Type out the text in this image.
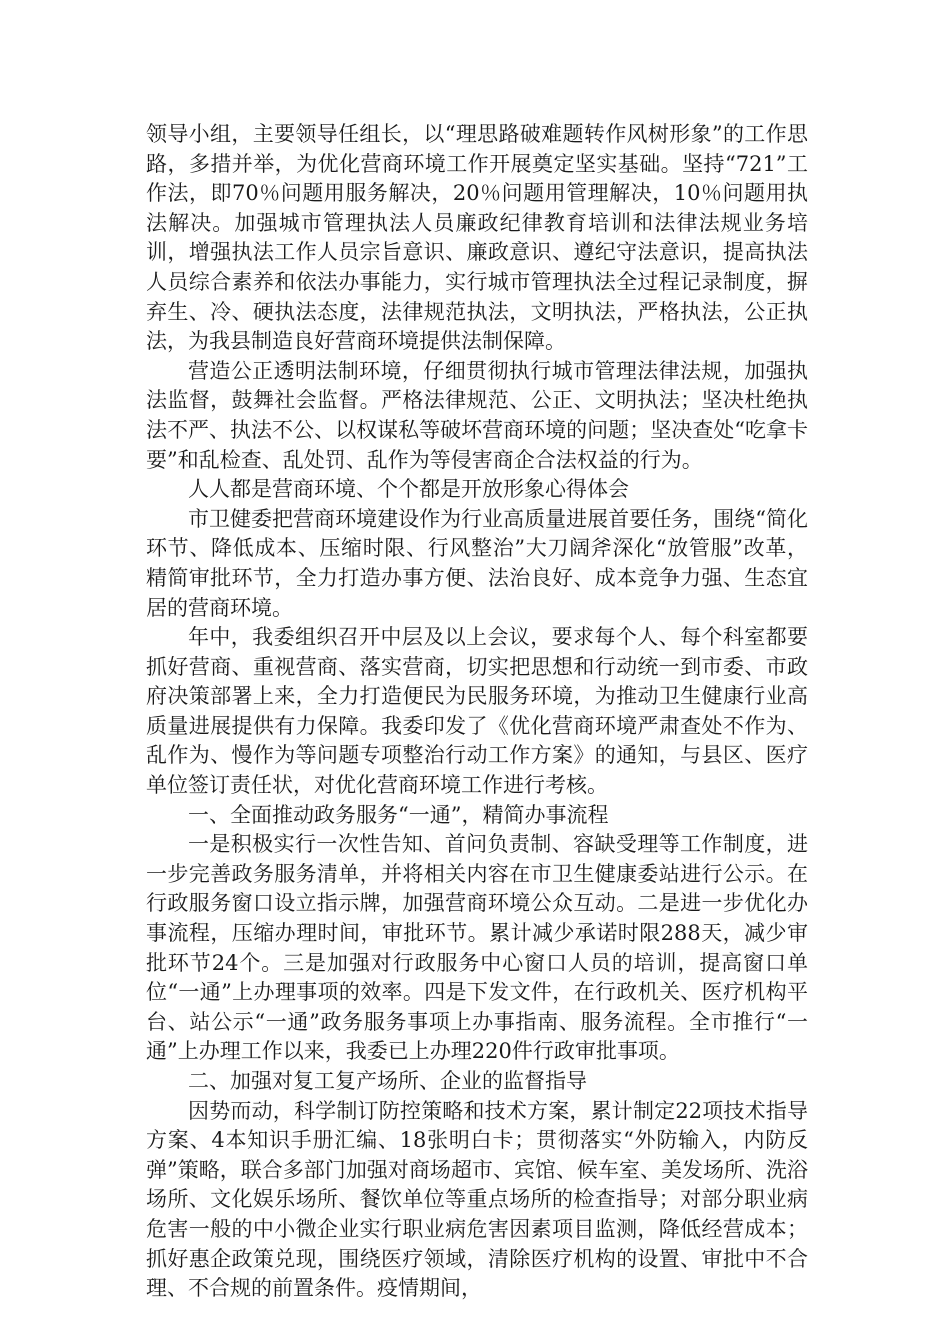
领导小组，主要领导任组长，以“理思路破难题转作风树形象”的工作思路，多措并举，为优化营商环境工作开展奠定坚实基础。坚持“721”工作法，即70％问题用服务解决，20％问题用管理解决，10％问题用执法解决。加强城市管理执法人员廉政纪律教育培训和法律法规业务培训，增强执法工作人员宗旨意识、廉政意识、遵纪守法意识，提高执法人员综合素养和依法办事能力，实行城市管理执法全过程记录制度，摒弃生、冷、硬执法态度，法律规范执法，文明执法，严格执法，公正执法，为我县制造良好营商环境提供法制保障。

营造公正透明法制环境，仔细贯彻执行城市管理法律法规，加强执法监督，鼓舞社会监督。严格法律规范、公正、文明执法；坚决杜绝执法不严、执法不公、以权谋私等破坏营商环境的问题；坚决查处“吃拿卡要”和乱检查、乱处罚、乱作为等侵害商企合法权益的行为。

人人都是营商环境、个个都是开放形象心得体会

市卫健委把营商环境建设作为行业高质量进展首要任务，围绕“简化环节、降低成本、压缩时限、行风整治”大刀阔斧深化“放管服”改革，精简审批环节，全力打造办事方便、法治良好、成本竞争力强、生态宜居的营商环境。

年中，我委组织召开中层及以上会议，要求每个人、每个科室都要抓好营商、重视营商、落实营商，切实把思想和行动统一到市委、市政府决策部署上来，全力打造便民为民服务环境，为推动卫生健康行业高质量进展提供有力保障。我委印发了《优化营商环境严肃查处不作为、乱作为、慢作为等问题专项整治行动工作方案》的通知，与县区、医疗单位签订责任状，对优化营商环境工作进行考核。

一、全面推动政务服务“一通”，精简办事流程

一是积极实行一次性告知、首问负责制、容缺受理等工作制度，进一步完善政务服务清单，并将相关内容在市卫生健康委站进行公示。在行政服务窗口设立指示牌，加强营商环境公众互动。二是进一步优化办事流程，压缩办理时间，审批环节。累计减少承诺时限288天，减少审批环节24个。三是加强对行政服务中心窗口人员的培训，提高窗口单位“一通”上办理事项的效率。四是下发文件，在行政机关、医疗机构平台、站公示“一通”政务服务事项上办事指南、服务流程。全市推行“一通”上办理工作以来，我委已上办理220件行政审批事项。

二、加强对复工复产场所、企业的监督指导

因势而动，科学制订防控策略和技术方案，累计制定22项技术指导方案、4本知识手册汇编、18张明白卡；贯彻落实“外防输入，内防反弹”策略，联合多部门加强对商场超市、宾馆、候车室、美发场所、洗浴场所、文化娱乐场所、餐饮单位等重点场所的检查指导；对部分职业病危害一般的中小微企业实行职业病危害因素项目监测，降低经营成本；抓好惠企政策兑现，围绕医疗领域，清除医疗机构的设置、审批中不合理、不合规的前置条件。疫情期间，
